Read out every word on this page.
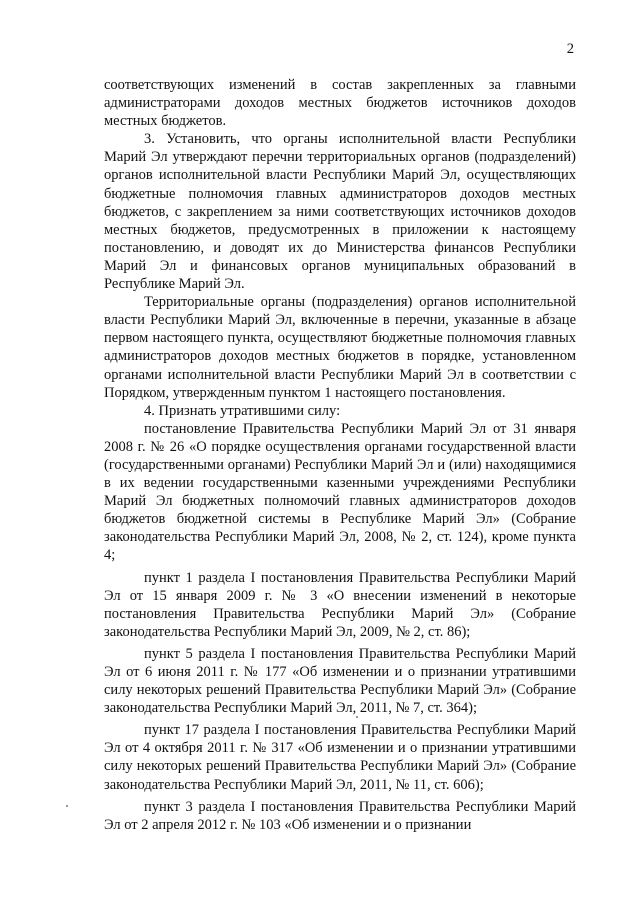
2

соответствующих изменений в состав закрепленных за главными администраторами доходов местных бюджетов источников доходов местных бюджетов.

3. Установить, что органы исполнительной власти Республики Марий Эл утверждают перечни территориальных органов (подразделений) органов исполнительной власти Республики Марий Эл, осуществляющих бюджетные полномочия главных администраторов доходов местных бюджетов, с закреплением за ними соответствующих источников доходов местных бюджетов, предусмотренных в приложении к настоящему постановлению, и доводят их до Министерства финансов Республики Марий Эл и финансовых органов муниципальных образований в Республике Марий Эл.

Территориальные органы (подразделения) органов исполнительной власти Республики Марий Эл, включенные в перечни, указанные в абзаце первом настоящего пункта, осуществляют бюджетные полномочия главных администраторов доходов местных бюджетов в порядке, установленном органами исполнительной власти Республики Марий Эл в соответствии с Порядком, утвержденным пунктом 1 настоящего постановления.

4. Признать утратившими силу:

постановление Правительства Республики Марий Эл от 31 января 2008 г. № 26 «О порядке осуществления органами государственной власти (государственными органами) Республики Марий Эл и (или) находящимися в их ведении государственными казенными учреждениями Республики Марий Эл бюджетных полномочий главных администраторов доходов бюджетов бюджетной системы в Республике Марий Эл» (Собрание законодательства Республики Марий Эл, 2008, № 2, ст. 124), кроме пункта 4;

пункт 1 раздела I постановления Правительства Республики Марий Эл от 15 января 2009 г. № 3 «О внесении изменений в некоторые постановления Правительства Республики Марий Эл» (Собрание законодательства Республики Марий Эл, 2009, № 2, ст. 86);

пункт 5 раздела I постановления Правительства Республики Марий Эл от 6 июня 2011 г. № 177 «Об изменении и о признании утратившими силу некоторых решений Правительства Республики Марий Эл» (Собрание законодательства Республики Марий Эл, 2011, № 7, ст. 364);

пункт 17 раздела I постановления Правительства Республики Марий Эл от 4 октября 2011 г. № 317 «Об изменении и о признании утратившими силу некоторых решений Правительства Республики Марий Эл» (Собрание законодательства Республики Марий Эл, 2011, № 11, ст. 606);

пункт 3 раздела I постановления Правительства Республики Марий Эл от 2 апреля 2012 г. № 103 «Об изменении и о признании
